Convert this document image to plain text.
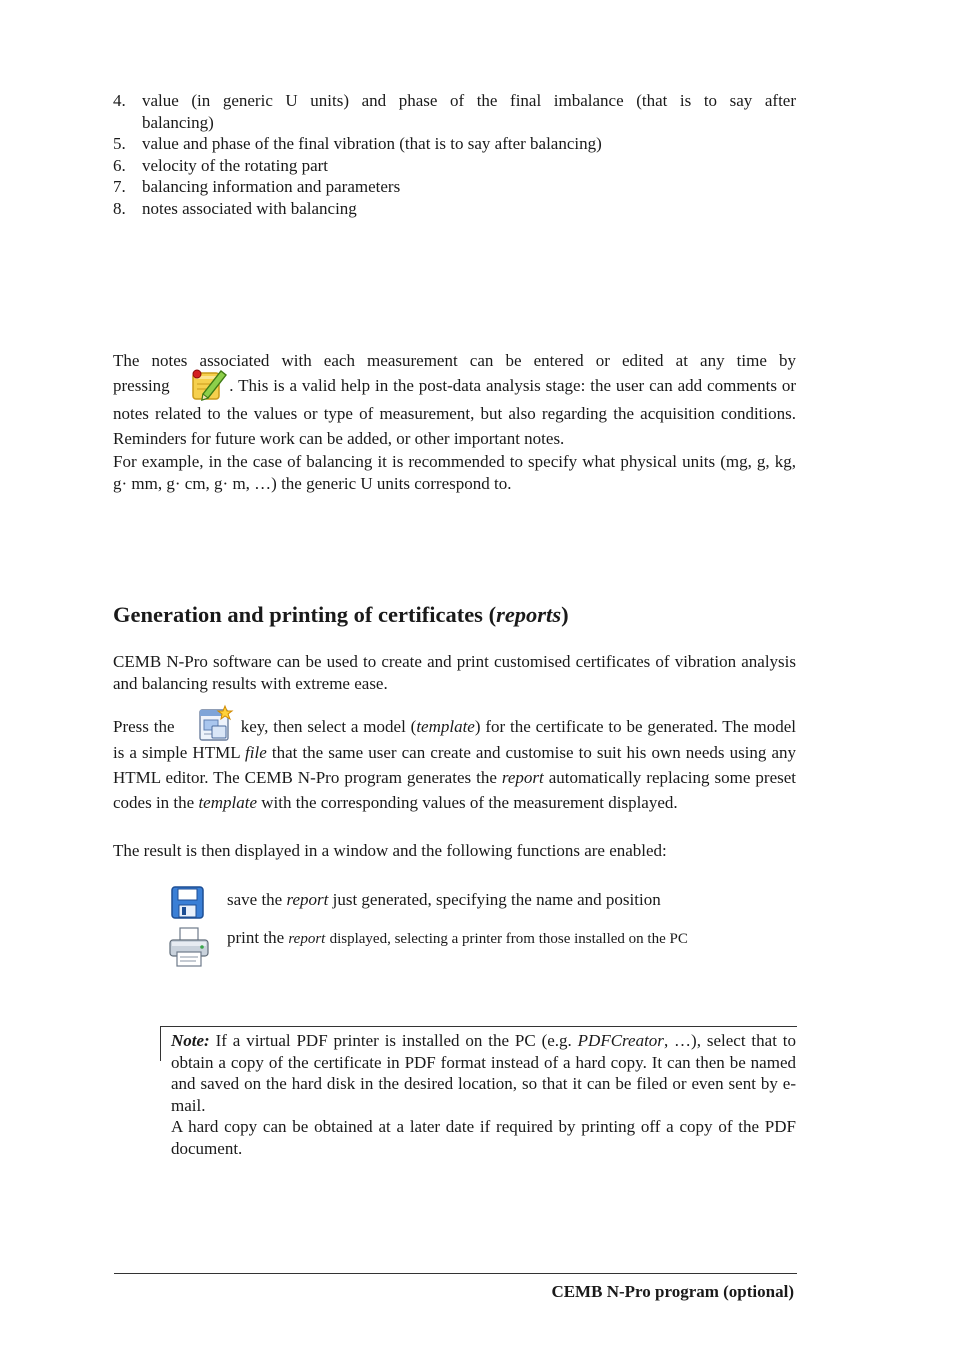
4. value (in generic U units) and phase of the final imbalance (that is to say after
balancing)
5. value and phase of the final vibration (that is to say after balancing)
6. velocity of the rotating part
7. balancing information and parameters
8. notes associated with balancing
The notes associated with each measurement can be entered or edited at any time by
pressing	. This is a valid help in the post-data analysis stage: the user can add comments or notes related to the values or type of measurement, but also regarding the acquisition conditions. Reminders for future work can be added, or other important notes.
For example, in the case of balancing it is recommended to specify what physical units (mg, g, kg, g· mm, g· cm, g· m, …) the generic U units correspond to.
Generation and printing of certificates (reports)
CEMB N-Pro software can be used to create and print customised certificates of vibration analysis and balancing results with extreme ease.
Press the	key, then select a model (template) for the certificate to be generated. The model is a simple HTML file that the same user can create and customise to suit his own needs using any HTML editor. The CEMB N-Pro program generates the report automatically replacing some preset codes in the template with the corresponding values of the measurement displayed.
The result is then displayed in a window and the following functions are enabled:
save the report just generated, specifying the name and position
print the report displayed, selecting a printer from those installed on the PC
Note: If a virtual PDF printer is installed on the PC (e.g. PDFCreator, …), select that to obtain a copy of the certificate in PDF format instead of a hard copy. It can then be named and saved on the hard disk in the desired location, so that it can be filed or even sent by e-mail.
A hard copy can be obtained at a later date if required by printing off a copy of the PDF document.
CEMB N-Pro program (optional)
